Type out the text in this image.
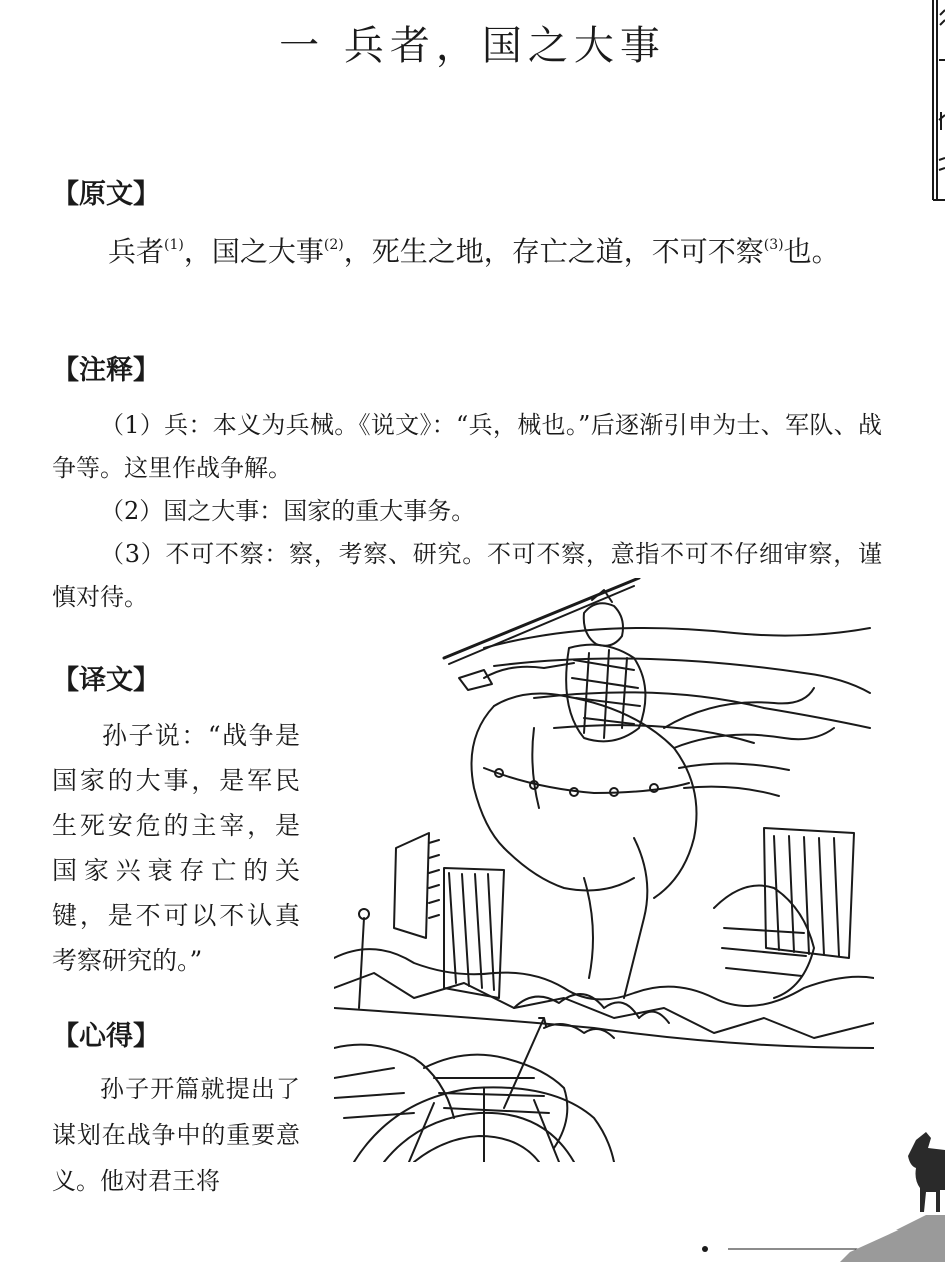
一 兵者，国之大事
【原文】
兵者$^{(1)}$，国之大事$^{(2)}$，死生之地，存亡之道，不可不察$^{(3)}$也。
【注释】
（1）兵：本义为兵械。《说文》：“兵，械也。”后逐渐引申为士、军队、战争等。这里作战争解。
（2）国之大事：国家的重大事务。
（3）不可不察：察，考察、研究。不可不察，意指不可不仔细审察，谨慎对待。
【译文】
孙子说：“战争是国家的大事，是军民生死安危的主宰，是国家兴衰存亡的关键，是不可以不认真考察研究的。”
【心得】
孙子开篇就提出了谋划在战争中的重要意义。他对君王将
